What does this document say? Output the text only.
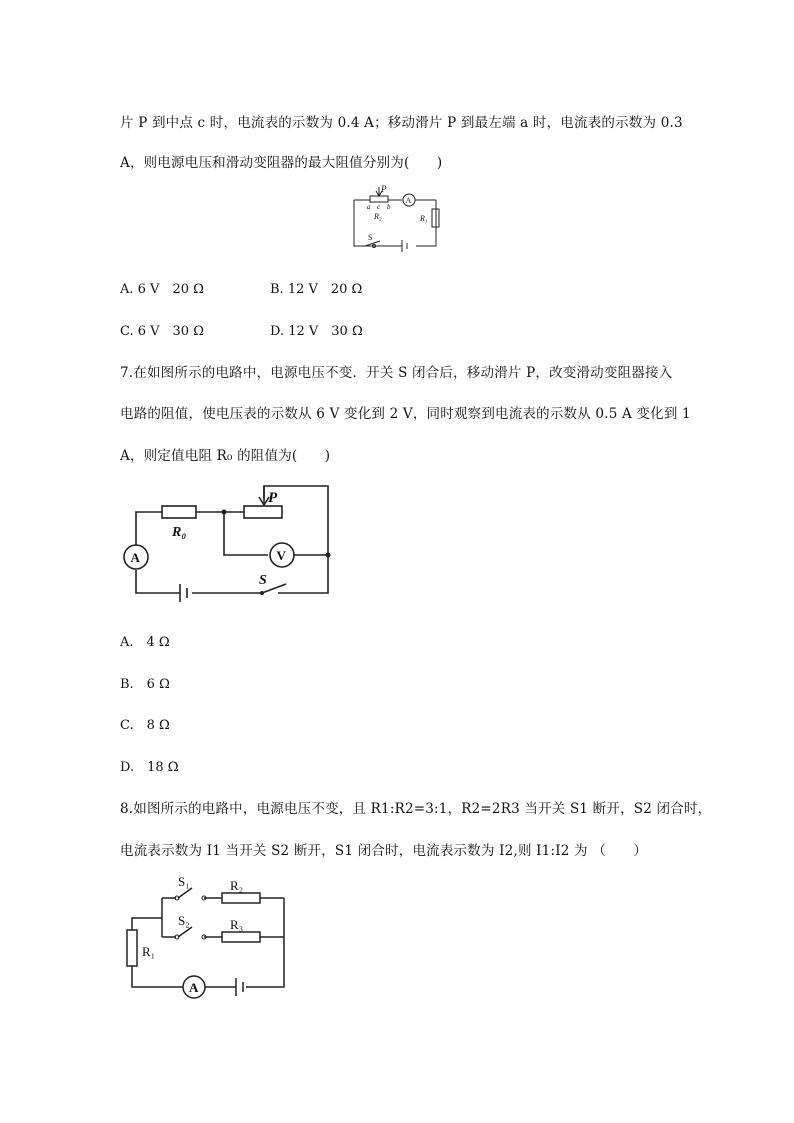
片 P 到中点 c 时，电流表的示数为 0.4 A；移动滑片 P 到最左端 a 时，电流表的示数为 0.3
A，则电源电压和滑动变阻器的最大阻值分别为(　　)
P
a c b
R₂
A
R₁
S
A. 6 V　20 Ω	B. 12 V　20 Ω
C. 6 V　30 Ω	D. 12 V　30 Ω
7.在如图所示的电路中，电源电压不变．开关 S 闭合后，移动滑片 P，改变滑动变阻器接入
电路的阻值，使电压表的示数从 6 V 变化到 2 V，同时观察到电流表的示数从 0.5 A 变化到 1
A，则定值电阻 R₀ 的阻值为(　　)
P
R₀
A	V
S
A.　4 Ω
B.　6 Ω
C.　8 Ω
D.　18 Ω
8.如图所示的电路中，电源电压不变，且 R1:R2=3:1，R2=2R3 当开关 S1 断开，S2 闭合时，
电流表示数为 I1 当开关 S2 断开，S1 闭合时，电流表示数为 I2,则 I1:I2 为 （　　）
S₁	R₂
S₂	R₃
R₁
A
